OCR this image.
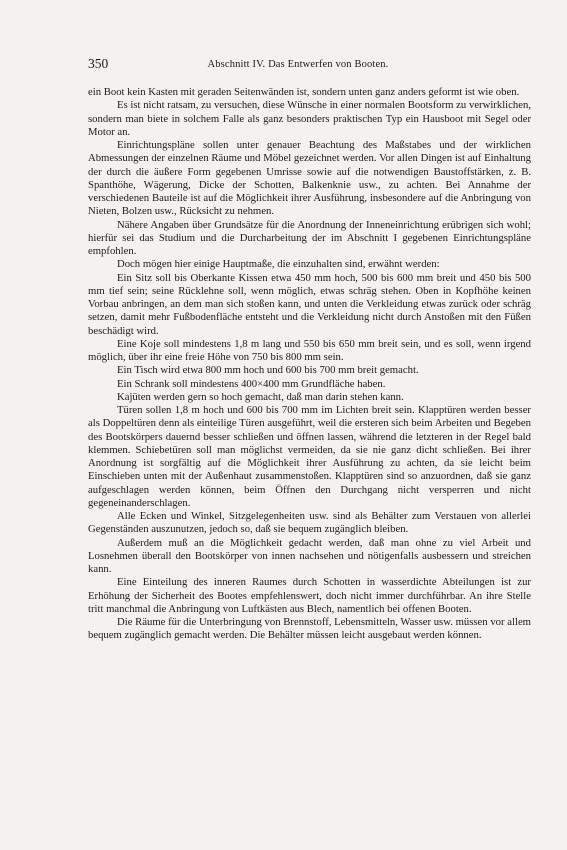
350	Abschnitt IV. Das Entwerfen von Booten.

ein Boot kein Kasten mit geraden Seitenwänden ist, sondern unten ganz anders geformt ist wie oben.

Es ist nicht ratsam, zu versuchen, diese Wünsche in einer normalen Bootsform zu verwirklichen, sondern man biete in solchem Falle als ganz besonders praktischen Typ ein Hausboot mit Segel oder Motor an.

Einrichtungspläne sollen unter genauer Beachtung des Maßstabes und der wirklichen Abmessungen der einzelnen Räume und Möbel gezeichnet werden. Vor allen Dingen ist auf Einhaltung der durch die äußere Form gegebenen Umrisse sowie auf die notwendigen Baustoffstärken, z. B. Spanthöhe, Wägerung, Dicke der Schotten, Balkenknie usw., zu achten. Bei Annahme der verschiedenen Bauteile ist auf die Möglichkeit ihrer Ausführung, insbesondere auf die Anbringung von Nieten, Bolzen usw., Rücksicht zu nehmen.

Nähere Angaben über Grundsätze für die Anordnung der Inneneinrichtung erübrigen sich wohl; hierfür sei das Studium und die Durcharbeitung der im Abschnitt I gegebenen Einrichtungspläne empfohlen.

Doch mögen hier einige Hauptmaße, die einzuhalten sind, erwähnt werden:

Ein Sitz soll bis Oberkante Kissen etwa 450 mm hoch, 500 bis 600 mm breit und 450 bis 500 mm tief sein; seine Rücklehne soll, wenn möglich, etwas schräg stehen. Oben in Kopfhöhe keinen Vorbau anbringen, an dem man sich stoßen kann, und unten die Verkleidung etwas zurück oder schräg setzen, damit mehr Fußbodenfläche entsteht und die Verkleidung nicht durch Anstoßen mit den Füßen beschädigt wird.

Eine Koje soll mindestens 1,8 m lang und 550 bis 650 mm breit sein, und es soll, wenn irgend möglich, über ihr eine freie Höhe von 750 bis 800 mm sein.

Ein Tisch wird etwa 800 mm hoch und 600 bis 700 mm breit gemacht.

Ein Schrank soll mindestens 400×400 mm Grundfläche haben.

Kajüten werden gern so hoch gemacht, daß man darin stehen kann.

Türen sollen 1,8 m hoch und 600 bis 700 mm im Lichten breit sein. Klapptüren werden besser als Doppeltüren denn als einteilige Türen ausgeführt, weil die ersteren sich beim Arbeiten und Begeben des Bootskörpers dauernd besser schließen und öffnen lassen, während die letzteren in der Regel bald klemmen. Schiebetüren soll man möglichst vermeiden, da sie nie ganz dicht schließen. Bei ihrer Anordnung ist sorgfältig auf die Möglichkeit ihrer Ausführung zu achten, da sie leicht beim Einschieben unten mit der Außenhaut zusammenstoßen. Klapptüren sind so anzuordnen, daß sie ganz aufgeschlagen werden können, beim Öffnen den Durchgang nicht versperren und nicht gegeneinanderschlagen.

Alle Ecken und Winkel, Sitzgelegenheiten usw. sind als Behälter zum Verstauen von allerlei Gegenständen auszunutzen, jedoch so, daß sie bequem zugänglich bleiben.

Außerdem muß an die Möglichkeit gedacht werden, daß man ohne zu viel Arbeit und Losnehmen überall den Bootskörper von innen nachsehen und nötigenfalls ausbessern und streichen kann.

Eine Einteilung des inneren Raumes durch Schotten in wasserdichte Abteilungen ist zur Erhöhung der Sicherheit des Bootes empfehlenswert, doch nicht immer durchführbar. An ihre Stelle tritt manchmal die Anbringung von Luftkästen aus Blech, namentlich bei offenen Booten.

Die Räume für die Unterbringung von Brennstoff, Lebensmitteln, Wasser usw. müssen vor allem bequem zugänglich gemacht werden. Die Behälter müssen leicht ausgebaut werden können.
